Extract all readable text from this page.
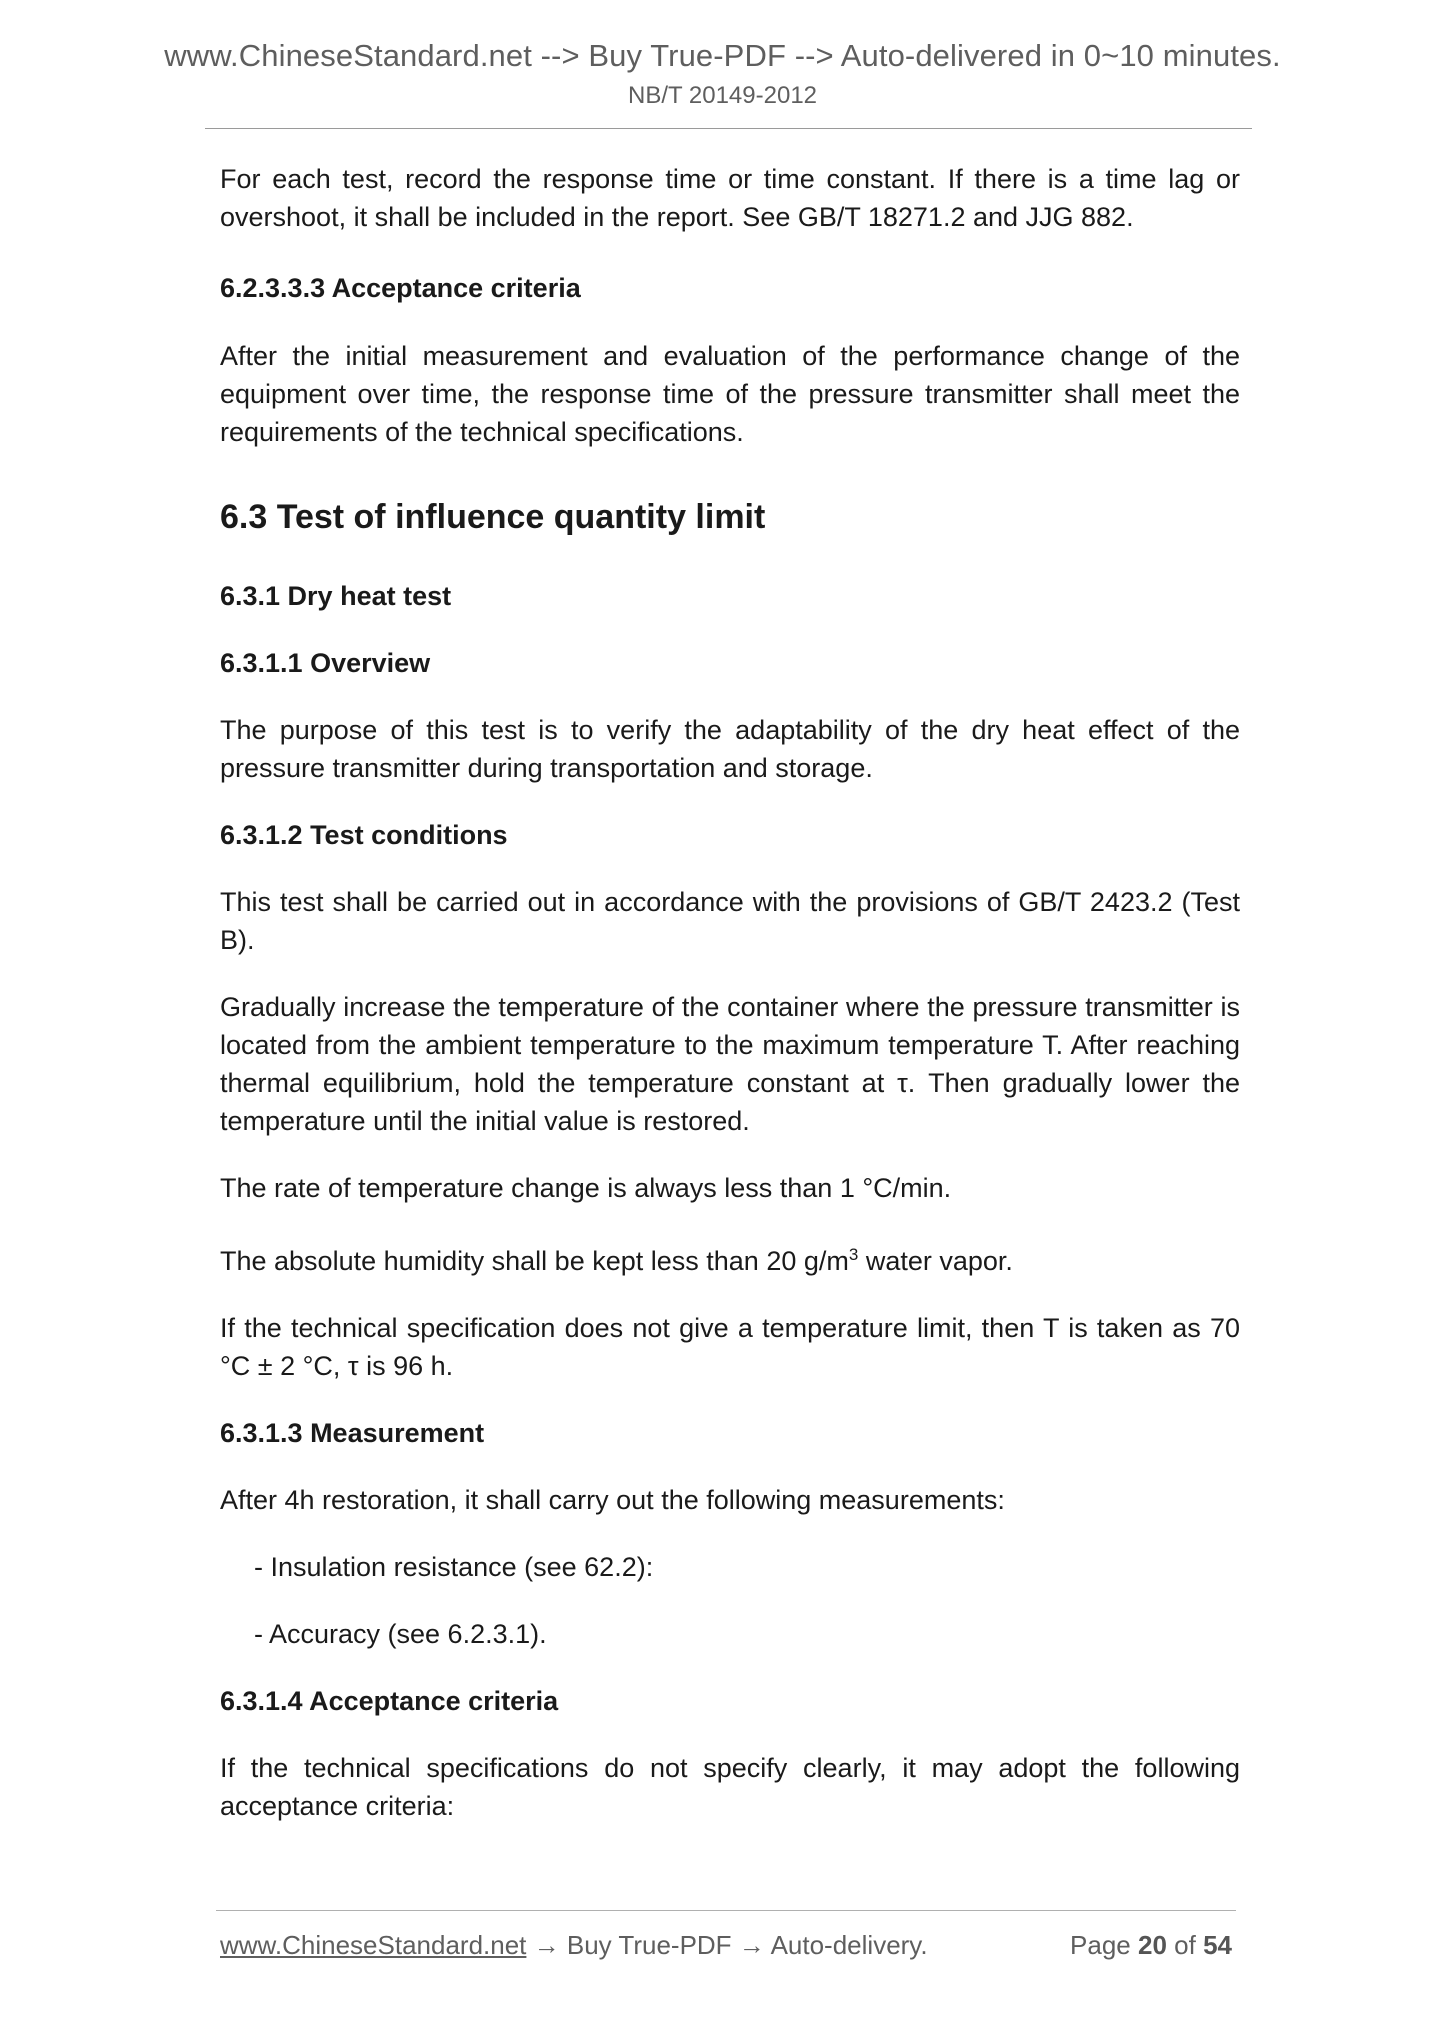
www.ChineseStandard.net --> Buy True-PDF --> Auto-delivered in 0~10 minutes.
NB/T 20149-2012

For each test, record the response time or time constant. If there is a time lag or overshoot, it shall be included in the report. See GB/T 18271.2 and JJG 882.

6.2.3.3.3 Acceptance criteria

After the initial measurement and evaluation of the performance change of the equipment over time, the response time of the pressure transmitter shall meet the requirements of the technical specifications.

6.3 Test of influence quantity limit
6.3.1 Dry heat test
6.3.1.1 Overview

The purpose of this test is to verify the adaptability of the dry heat effect of the pressure transmitter during transportation and storage.

6.3.1.2 Test conditions

This test shall be carried out in accordance with the provisions of GB/T 2423.2 (Test B).

Gradually increase the temperature of the container where the pressure transmitter is located from the ambient temperature to the maximum temperature T. After reaching thermal equilibrium, hold the temperature constant at τ. Then gradually lower the temperature until the initial value is restored.

The rate of temperature change is always less than 1 °C/min.

The absolute humidity shall be kept less than 20 $g/m^3$ water vapor.

If the technical specification does not give a temperature limit, then T is taken as 70 °C ± 2 °C, τ is 96 h.

6.3.1.3 Measurement

After 4h restoration, it shall carry out the following measurements:

- Insulation resistance (see 62.2):

- Accuracy (see 6.2.3.1).

6.3.1.4 Acceptance criteria

If the technical specifications do not specify clearly, it may adopt the following acceptance criteria:

www.ChineseStandard.net → Buy True-PDF → Auto-delivery.	Page 20 of 54
